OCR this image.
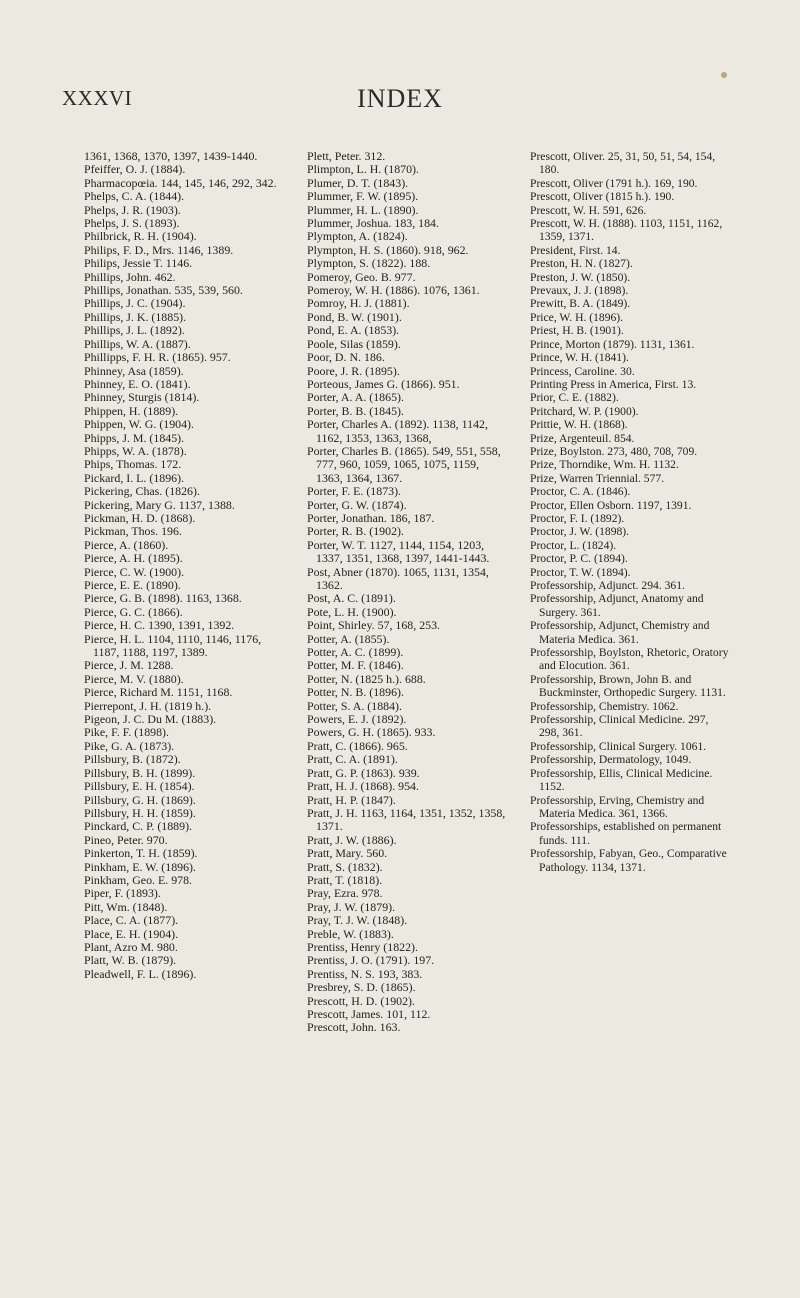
XXXVI	INDEX
1361, 1368, 1370, 1397, 1439-1440.
Pfeiffer, O. J. (1884).
Pharmacopœia. 144, 145, 146, 292, 342.
Phelps, C. A. (1844).
Phelps, J. R. (1903).
Phelps, J. S. (1893).
Philbrick, R. H. (1904).
Philips, F. D., Mrs. 1146, 1389.
Philips, Jessie T. 1146.
Phillips, John. 462.
Phillips, Jonathan. 535, 539, 560.
Phillips, J. C. (1904).
Phillips, J. K. (1885).
Phillips, J. L. (1892).
Phillips, W. A. (1887).
Phillipps, F. H. R. (1865). 957.
Phinney, Asa (1859).
Phinney, E. O. (1841).
Phinney, Sturgis (1814).
Phippen, H. (1889).
Phippen, W. G. (1904).
Phipps, J. M. (1845).
Phipps, W. A. (1878).
Phips, Thomas. 172.
Pickard, I. L. (1896).
Pickering, Chas. (1826).
Pickering, Mary G. 1137, 1388.
Pickman, H. D. (1868).
Pickman, Thos. 196.
Pierce, A. (1860).
Pierce, A. H. (1895).
Pierce, C. W. (1900).
Pierce, E. E. (1890).
Pierce, G. B. (1898). 1163, 1368.
Pierce, G. C. (1866).
Pierce, H. C. 1390, 1391, 1392.
Pierce, H. L. 1104, 1110, 1146, 1176, 1187, 1188, 1197, 1389.
Pierce, J. M. 1288.
Pierce, M. V. (1880).
Pierce, Richard M. 1151, 1168.
Pierrepont, J. H. (1819 h.).
Pigeon, J. C. Du M. (1883).
Pike, F. F. (1898).
Pike, G. A. (1873).
Pillsbury, B. (1872).
Pillsbury, B. H. (1899).
Pillsbury, E. H. (1854).
Pillsbury, G. H. (1869).
Pillsbury, H. H. (1859).
Pinckard, C. P. (1889).
Pineo, Peter. 970.
Pinkerton, T. H. (1859).
Pinkham, E. W. (1896).
Pinkham, Geo. E. 978.
Piper, F. (1893).
Pitt, Wm. (1848).
Place, C. A. (1877).
Place, E. H. (1904).
Plant, Azro M. 980.
Platt, W. B. (1879).
Pleadwell, F. L. (1896).
Plett, Peter. 312.
Plimpton, L. H. (1870).
Plumer, D. T. (1843).
Plummer, F. W. (1895).
Plummer, H. L. (1890).
Plummer, Joshua. 183, 184.
Plympton, A. (1824).
Plympton, H. S. (1860). 918, 962.
Plympton, S. (1822). 188.
Pomeroy, Geo. B. 977.
Pomeroy, W. H. (1886). 1076, 1361.
Pomroy, H. J. (1881).
Pond, B. W. (1901).
Pond, E. A. (1853).
Poole, Silas (1859).
Poor, D. N. 186.
Poore, J. R. (1895).
Porteous, James G. (1866). 951.
Porter, A. A. (1865).
Porter, B. B. (1845).
Porter, Charles A. (1892). 1138, 1142, 1162, 1353, 1363, 1368,
Porter, Charles B. (1865). 549, 551, 558, 777, 960, 1059, 1065, 1075, 1159, 1363, 1364, 1367.
Porter, F. E. (1873).
Porter, G. W. (1874).
Porter, Jonathan. 186, 187.
Porter, R. B. (1902).
Porter, W. T. 1127, 1144, 1154, 1203, 1337, 1351, 1368, 1397, 1441-1443.
Post, Abner (1870). 1065, 1131, 1354, 1362.
Post, A. C. (1891).
Pote, L. H. (1900).
Point, Shirley. 57, 168, 253.
Potter, A. (1855).
Potter, A. C. (1899).
Potter, M. F. (1846).
Potter, N. (1825 h.). 688.
Potter, N. B. (1896).
Potter, S. A. (1884).
Powers, E. J. (1892).
Powers, G. H. (1865). 933.
Pratt, C. (1866). 965.
Pratt, C. A. (1891).
Pratt, G. P. (1863). 939.
Pratt, H. J. (1868). 954.
Pratt, H. P. (1847).
Pratt, J. H. 1163, 1164, 1351, 1352, 1358, 1371.
Pratt, J. W. (1886).
Pratt, Mary. 560.
Pratt, S. (1832).
Pratt, T. (1818).
Pray, Ezra. 978.
Pray, J. W. (1879).
Pray, T. J. W. (1848).
Preble, W. (1883).
Prentiss, Henry (1822).
Prentiss, J. O. (1791). 197.
Prentiss, N. S. 193, 383.
Presbrey, S. D. (1865).
Prescott, H. D. (1902).
Prescott, James. 101, 112.
Prescott, John. 163.
Prescott, Oliver. 25, 31, 50, 51, 54, 154, 180.
Prescott, Oliver (1791 h.). 169, 190.
Prescott, Oliver (1815 h.). 190.
Prescott, W. H. 591, 626.
Prescott, W. H. (1888). 1103, 1151, 1162, 1359, 1371.
President, First. 14.
Preston, H. N. (1827).
Preston, J. W. (1850).
Prevaux, J. J. (1898).
Prewitt, B. A. (1849).
Price, W. H. (1896).
Priest, H. B. (1901).
Prince, Morton (1879). 1131, 1361.
Prince, W. H. (1841).
Princess, Caroline. 30.
Printing Press in America, First. 13.
Prior, C. E. (1882).
Pritchard, W. P. (1900).
Prittie, W. H. (1868).
Prize, Argenteuil. 854.
Prize, Boylston. 273, 480, 708, 709.
Prize, Thorndike, Wm. H. 1132.
Prize, Warren Triennial. 577.
Proctor, C. A. (1846).
Proctor, Ellen Osborn. 1197, 1391.
Proctor, F. I. (1892).
Proctor, J. W. (1898).
Proctor, L. (1824).
Proctor, P. C. (1894).
Proctor, T. W. (1894).
Professorship, Adjunct. 294. 361.
Professorship, Adjunct, Anatomy and Surgery. 361.
Professorship, Adjunct, Chemistry and Materia Medica. 361.
Professorship, Boylston, Rhetoric, Oratory and Elocution. 361.
Professorship, Brown, John B. and Buckminster, Orthopedic Surgery. 1131.
Professorship, Chemistry. 1062.
Professorship, Clinical Medicine. 297, 298, 361.
Professorship, Clinical Surgery. 1061.
Professorship, Dermatology, 1049.
Professorship, Ellis, Clinical Medicine. 1152.
Professorship, Erving, Chemistry and Materia Medica. 361, 1366.
Professorships, established on permanent funds. 111.
Professorship, Fabyan, Geo., Comparative Pathology. 1134, 1371.
